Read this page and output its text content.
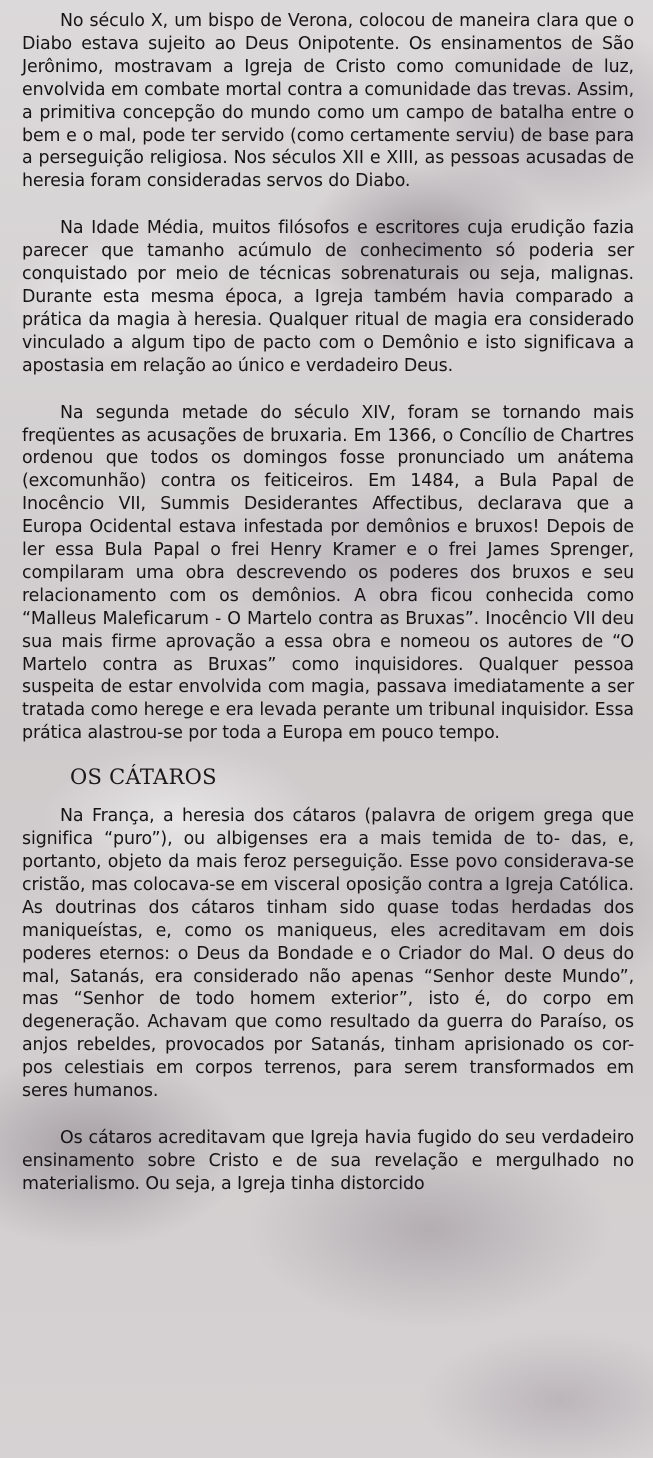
No século X, um bispo de Verona, colocou de maneira clara que o Diabo estava sujeito ao Deus Onipotente. Os ensinamentos de São Jerônimo, mostravam a Igreja de Cristo como comunidade de luz, envolvida em combate mortal contra a comunidade das trevas. Assim, a primitiva concepção do mundo como um campo de batalha entre o bem e o mal, pode ter servido (como certamente serviu) de base para a perseguição religiosa. Nos séculos XII e XIII, as pessoas acusadas de heresia foram consideradas servos do Diabo.

Na Idade Média, muitos filósofos e escritores cuja erudição fazia parecer que tamanho acúmulo de conhecimento só poderia ser conquistado por meio de técnicas sobrenaturais ou seja, malignas. Durante esta mesma época, a Igreja também havia comparado a prática da magia à heresia. Qualquer ritual de magia era considerado vinculado a algum tipo de pacto com o Demônio e isto significava a apostasia em relação ao único e verdadeiro Deus.

Na segunda metade do século XIV, foram se tornando mais freqüentes as acusações de bruxaria. Em 1366, o Concílio de Chartres ordenou que todos os domingos fosse pronunciado um anátema (excomunhão) contra os feiticeiros. Em 1484, a Bula Papal de Inocêncio VII, Summis Desiderantes Affectibus, declarava que a Europa Ocidental estava infestada por demônios e bruxos! Depois de ler essa Bula Papal o frei Henry Kramer e o frei James Sprenger, compilaram uma obra descrevendo os poderes dos bruxos e seu relacionamento com os demônios. A obra ficou conhecida como “Malleus Maleficarum - O Martelo contra as Bruxas”. Inocêncio VII deu sua mais firme aprovação a essa obra e nomeou os autores de “O Martelo contra as Bruxas” como inquisidores. Qualquer pessoa suspeita de estar envolvida com magia, passava imediatamente a ser tratada como herege e era levada perante um tribunal inquisidor. Essa prática alastrou-se por toda a Europa em pouco tempo.

OS CÁTAROS

Na França, a heresia dos cátaros (palavra de origem grega que significa “puro”), ou albigenses era a mais temida de to- das, e, portanto, objeto da mais feroz perseguição. Esse povo considerava-se cristão, mas colocava-se em visceral oposição contra a Igreja Católica. As doutrinas dos cátaros tinham sido quase todas herdadas dos maniqueístas, e, como os maniqueus, eles acreditavam em dois poderes eternos: o Deus da Bondade e o Criador do Mal. O deus do mal, Satanás, era considerado não apenas “Senhor deste Mundo”, mas “Senhor de todo homem exterior”, isto é, do corpo em degeneração. Achavam que como resultado da guerra do Paraíso, os anjos rebeldes, provocados por Satanás, tinham aprisionado os cor- pos celestiais em corpos terrenos, para serem transformados em seres humanos.

Os cátaros acreditavam que Igreja havia fugido do seu verdadeiro ensinamento sobre Cristo e de sua revelação e mergulhado no materialismo. Ou seja, a Igreja tinha distorcido
